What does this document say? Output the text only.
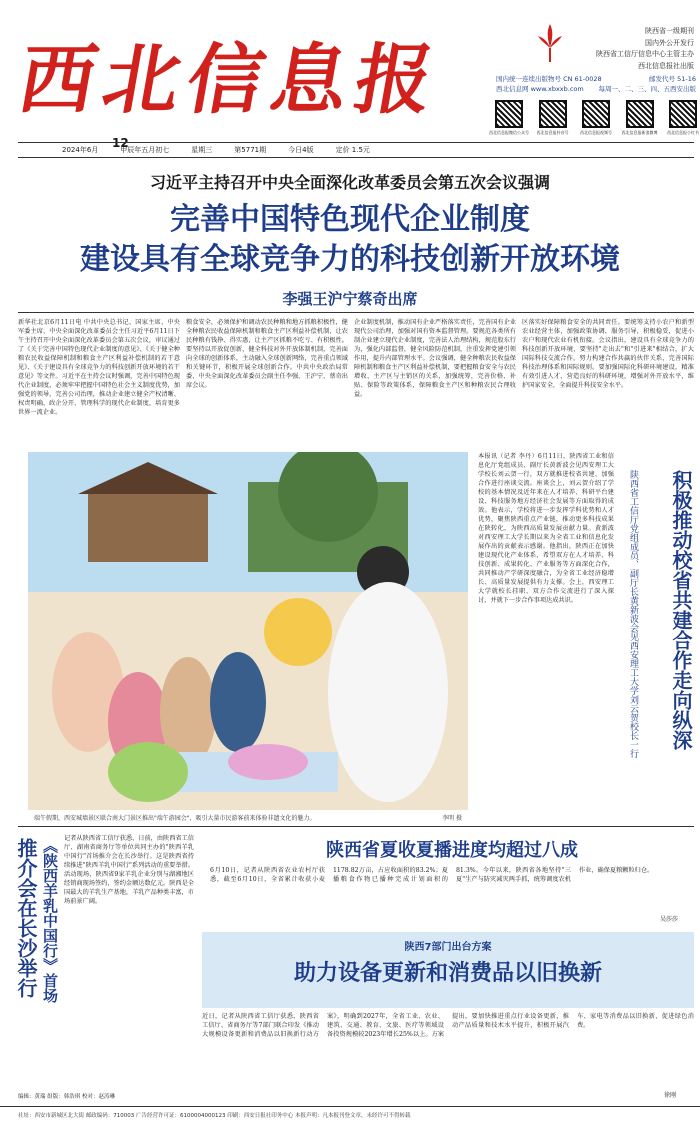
西北信息报
陕西省一级期刊
国内外公开发行
陕西省工信厅信息中心主管主办
西北信息报社出版
国内统一连续出版物号 CN 61-0028	邮发代号 51-16
西北信息网 www.xbxxb.com 每周一、二、三、四、五西安出版
西北信息报微信公众号 西北信息报抖音号	西北信息报视频号 西北信息报新浪微博 西北信息报小红书
12
2024年6月	甲辰年五月初七	星期三	第5771期	今日4版	定价 1.5元
习近平主持召开中央全面深化改革委员会第五次会议强调
完善中国特色现代企业制度
建设具有全球竞争力的科技创新开放环境
李强王沪宁蔡奇出席
新华社北京6月11日电 中共中央总书记、国家主席、中央军委主席、中央全面深化改革委员会主任习近平6月11日下午主持召开中央全面深化改革委员会第五次会议，审议通过了《关于完善中国特色现代企业制度的意见》、《关于健全种粮农民收益保障机制和粮食主产区利益补偿机制的若干意见》、《关于建设具有全球竞争力的科技创新开放环境的若干意见》等文件。习近平在主持会议时强调，完善中国特色现代企业制度，必须牢牢把握中国特色社会主义制度优势，加强党的领导，完善公司治理，推动企业建立健全产权清晰、权责明确、政企分开、管理科学的现代企业制度，培育更多世界一流企业。
粮食安全，必须保护和调动农民种粮和地方抓粮积极性，健全种粮农民收益保障机制和粮食主产区利益补偿机制，让农民种粮有钱挣、得实惠，让主产区抓粮不吃亏、有积极性。要坚持以开放促创新，健全科技对外开放体制机制，完善面向全球的创新体系，主动融入全球创新网络，完善重点领域和关键环节，积极开展全球创新合作。中共中央政治局常委、中央全面深化改革委员会副主任李强、王沪宁、蔡奇出席会议。
企业制度机制，推动国有企业严格落实责任，完善国有企业现代公司治理，加强对国有资本监督管理。要规范各类所有制企业建立现代企业制度，完善法人治理结构，规范股东行为，强化内部监督，健全风险防范机制，注重发挥党建引领作用，提升内部管理水平。会议强调，健全种粮农民收益保障机制和粮食主产区利益补偿机制，要把握粮食安全与农民增收、主产区与主销区的关系，加强统筹，完善价格、补贴、保险等政策体系，保障粮食主产区和种粮农民合理收益。
区落实好保障粮食安全的共同责任。要统筹支持小农户和新型农业经营主体，加强政策协调，服务引导，积极稳妥，促进小农户和现代农业有机衔接。会议指出，建设具有全球竞争力的科技创新开放环境，要坚持"走出去"和"引进来"相结合，扩大国际科技交流合作，努力构建合作共赢的伙伴关系，完善国际科技治理体系和国际规则。要加强国际化科研环境建设，精准有效引进人才，营造良好的科研环境，增强对外开放水平，维护国家安全，全面提升科技安全水平。
端午假期，西安城墙景区联合南大门景区推出"端午游园会"，吸引大量市民游客前来体验非遗文化的魅力。	李明 摄
本报讯（记者 李丹）6月11日，陕西省工业和信息化厅党组成员、副厅长黄新波会见西安理工大学校长刘云贺一行，双方就推进校省共建、加强合作进行座谈交流。座谈会上，刘云贺介绍了学校的基本情况及近年来在人才培养、科研平台建设、科技服务地方经济社会发展等方面取得的成效。他表示，学校将进一步发挥学科优势和人才优势，聚焦陕西重点产业链，推动更多科技成果在陕转化，为陕西高质量发展贡献力量。黄新波对西安理工大学长期以来为全省工业和信息化发展作出的贡献表示感谢。他指出，陕西正在加快建设现代化产业体系，希望双方在人才培养、科技创新、成果转化、产业服务等方面深化合作，共同推动产学研深度融合，为全省工业经济稳增长、高质量发展提供有力支撑。会上，西安理工大学就校长挂职、双方合作交流进行了深入探讨，并就下一步合作事项达成共识。	陕西省工信厅党组成员、副厅长黄新波会见西安理工大学刘云贺校长一行	积极推动校省共建合作走向纵深
《陕西羊乳中国行》首场
推介会在长沙举行	记者从陕西省工信厅获悉，日前，由陕西省工信厅、湖南省商务厅等单位共同主办的"陕西羊乳中国行"首场推介会在长沙举行。这是陕西省持续推进"陕西羊乳中国行"系列活动的重要举措。活动现场，陕西省9家羊乳企业分别与湖湘地区经销商现场签约，签约金额达数亿元。陕西是全国最大的羊乳生产基地，羊乳产品种类丰富，市场前景广阔。
陕西省夏收夏播进度均超过八成
6月10日，记者从陕西省农业农村厅获悉，截至6月10日，全省累计收获小麦1178.82万亩，占应收面积的83.2%；夏播粮食作物已播种完成计划面积的81.3%。今年以来，陕西省各地坚持"三夏"生产与防灾减灾两手抓，统筹调度农机作业，确保夏粮颗粒归仓。
吴莎莎
陕西7部门出台方案
助力设备更新和消费品以旧换新
近日，记者从陕西省工信厅获悉，陕西省工信厅、省商务厅等7部门联合印发《推动大规模设备更新和消费品以旧换新行动方案》，明确到2027年，全省工业、农业、建筑、交通、教育、文旅、医疗等领域设备投资规模较2023年增长25%以上。方案提出，要加快推进重点行业设备更新，推动产品质量和技术水平提升，积极开展汽车、家电等消费品以旧换新，促进绿色消费。
徐刚
编辑：黄瑞 组版：韩浩琪 校对：赵涛琳
社址：西安市新城区北大街 邮政编码：710003 广告经营许可证：6100004000123 印刷：西安日报社印务中心 本报声明：凡本报刊登文章，未经许可不得转载
